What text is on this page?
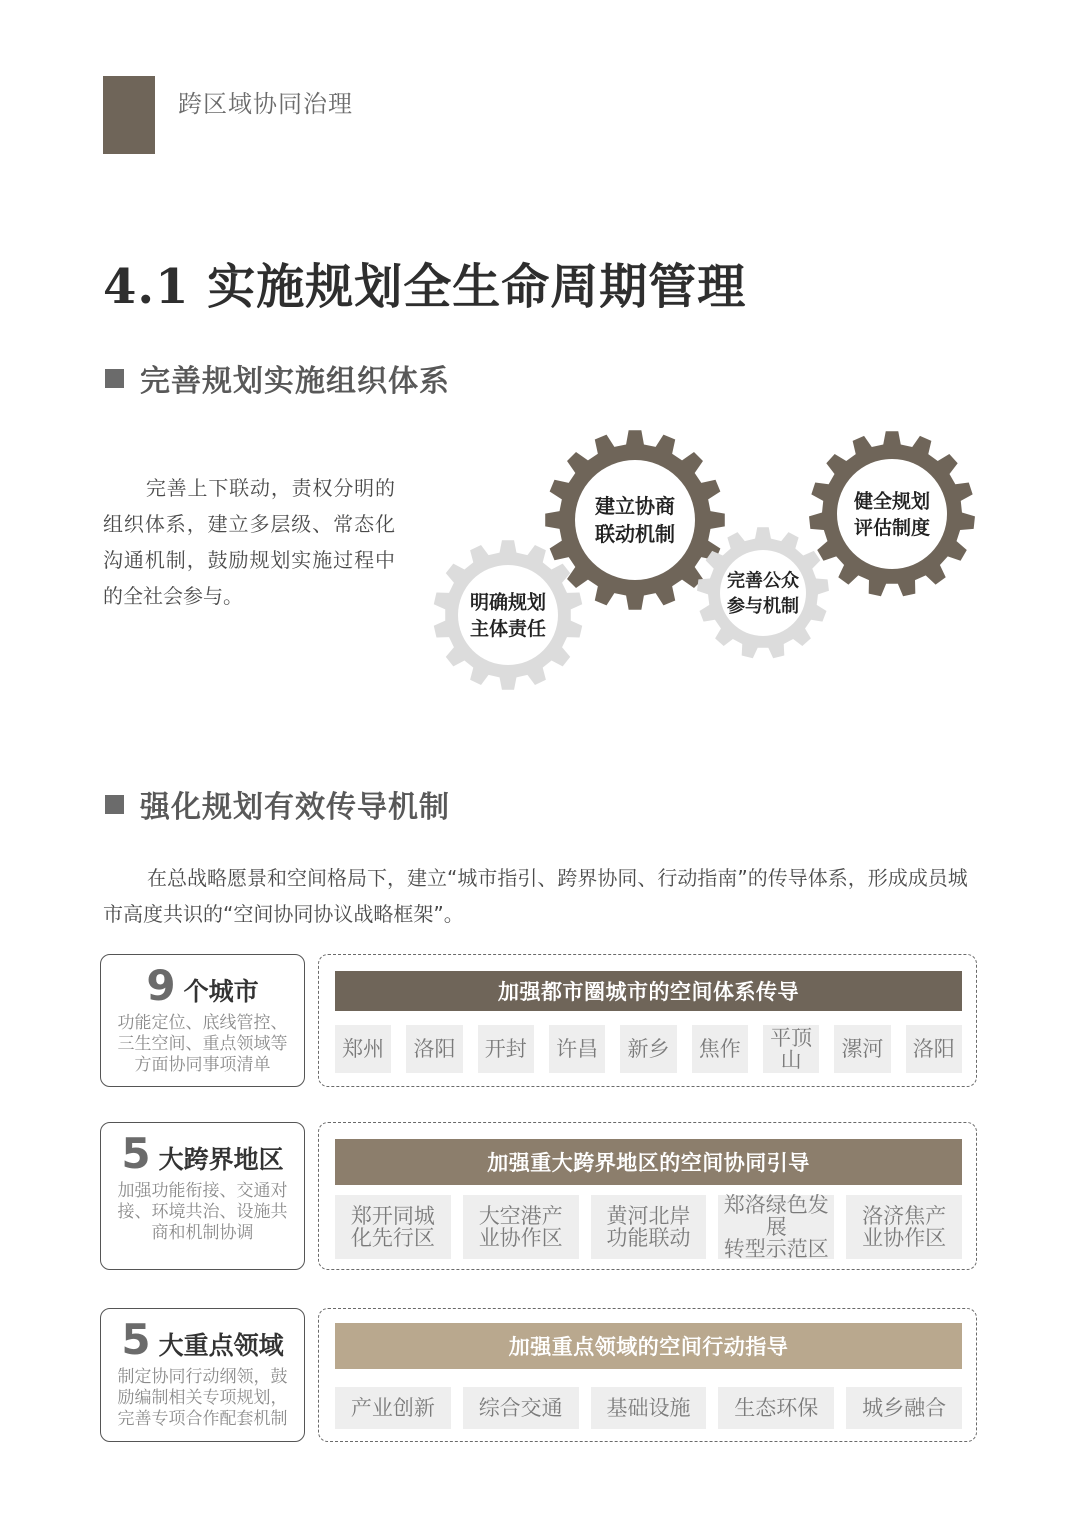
跨区域协同治理
4.1 实施规划全生命周期管理
完善规划实施组织体系
完善上下联动，责权分明的组织体系，建立多层级、常态化沟通机制，鼓励规划实施过程中的全社会参与。	明确规划
主体责任
建立协商
联动机制
完善公众
参与机制
健全规划
评估制度
强化规划有效传导机制
在总战略愿景和空间格局下，建立“城市指引、跨界协同、行动指南”的传导体系，形成成员城市高度共识的“空间协同协议战略框架”。
9 个城市
功能定位、底线管控、三生空间、重点领域等方面协同事项清单
加强都市圈城市的空间体系传导
郑州 洛阳 开封 许昌 新乡 焦作	平顶山	漯河 洛阳
5 大跨界地区
加强功能衔接、交通对接、环境共治、设施共商和机制协调
加强重大跨界地区的空间协同引导
郑开同城
化先行区
大空港产
业协作区
黄河北岸
功能联动
郑洛绿色发展
转型示范区
洛济焦产
业协作区
5 大重点领域
制定协同行动纲领，鼓励编制相关专项规划，完善专项合作配套机制
加强重点领域的空间行动指导
产业创新 综合交通 基础设施 生态环保 城乡融合
